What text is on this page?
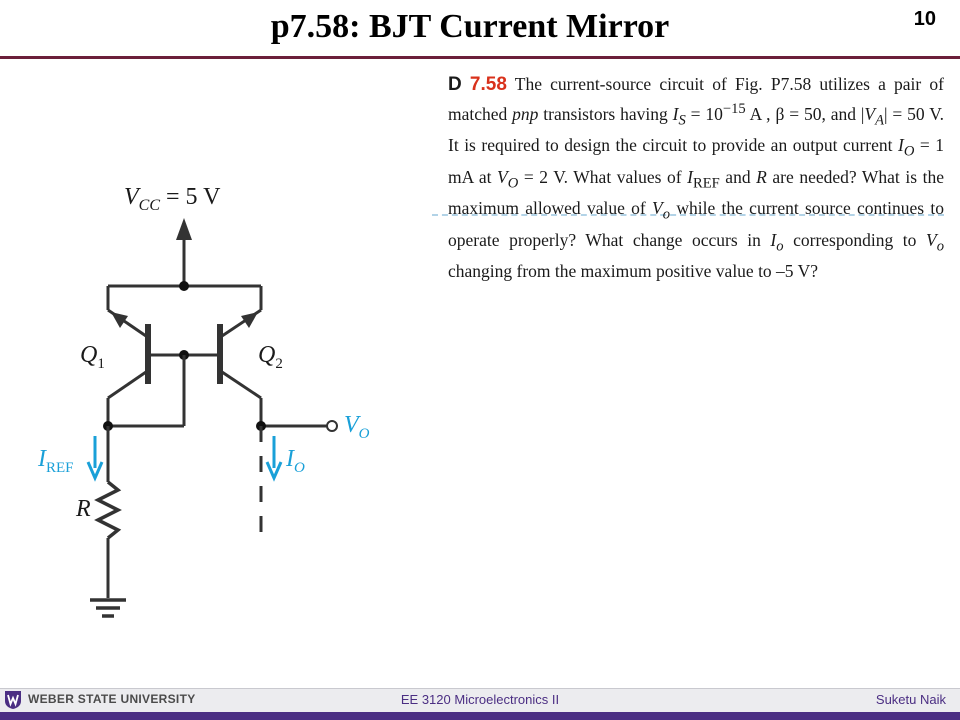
p7.58: BJT Current Mirror	10
$V_{CC} = 5$ V
$Q_1$	$Q_2$
$V_O$
$I_O$
$I_{REF}$
R
D 7.58 The current-source circuit of Fig. P7.58 utilizes a pair of matched pnp transistors having $I_S = 10^{-15}$ A , β = 50, and $|V_A| = 50$ V. It is required to design the circuit to provide an output current $I_O = 1$ mA at $V_O = 2$ V. What values of $I_{REF}$ and R are needed? What is the maximum allowed value of $V_o$ while the current source continues to operate properly? What change occurs in $I_o$ corresponding to $V_o$ changing from the maximum positive value to –5 V?
WEBER STATE UNIVERSITY	EE 3120 Microelectronics II	Suketu Naik
